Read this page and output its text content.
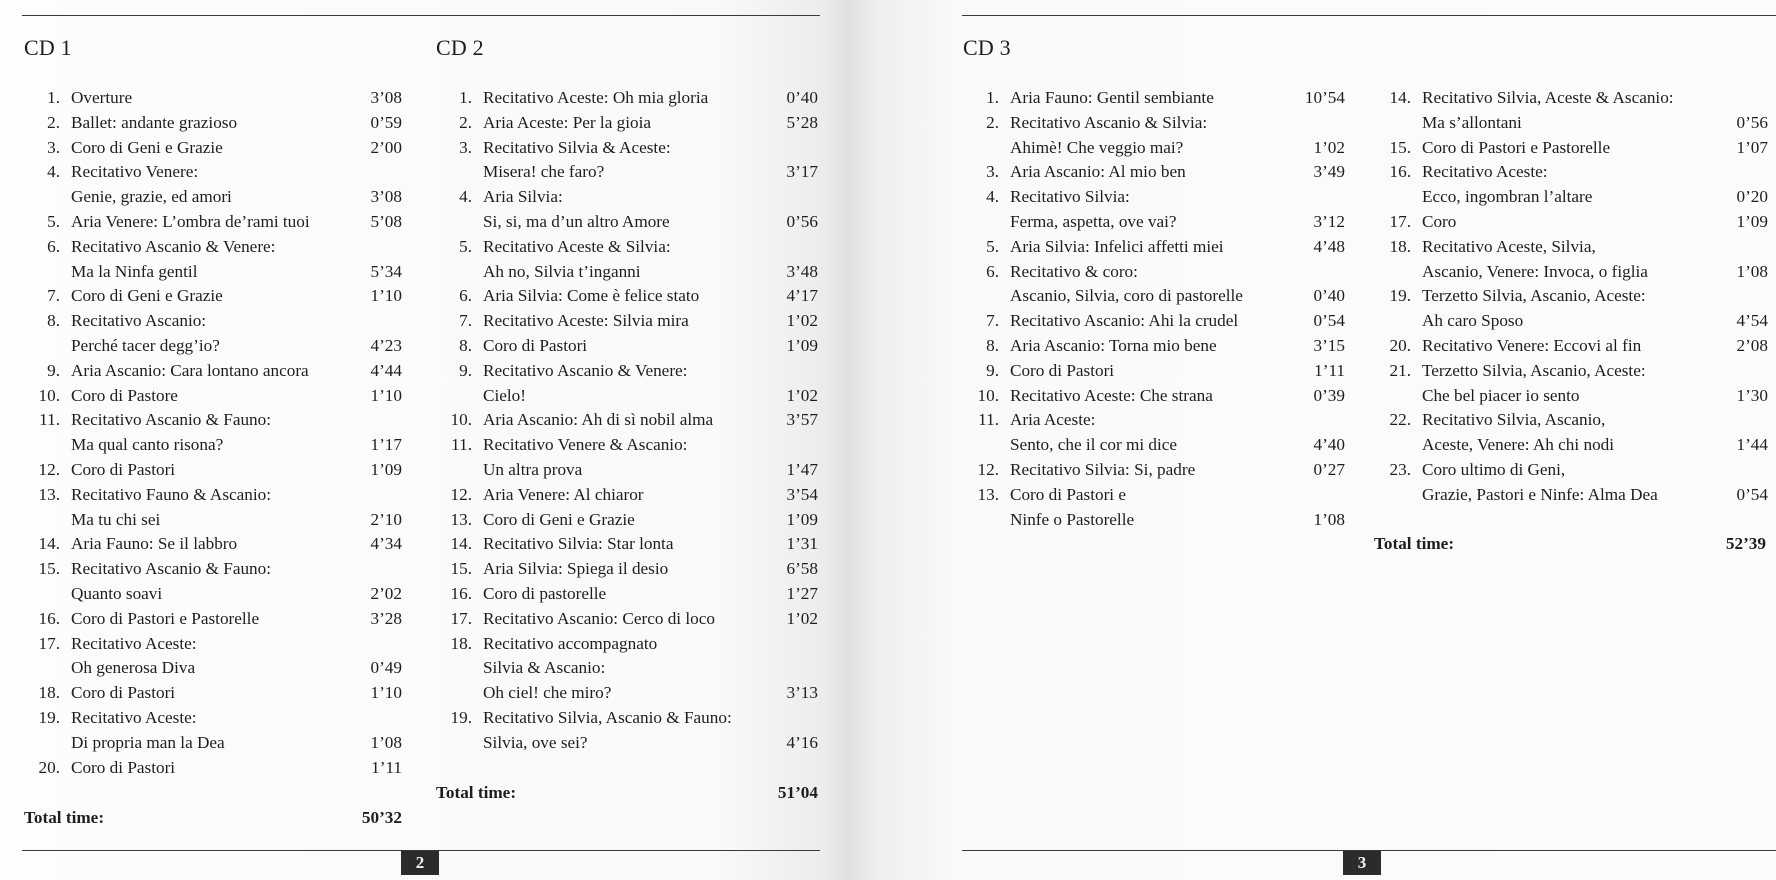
CD 1
1. Overture	3’08
2. Ballet: andante grazioso	0’59
3. Coro di Geni e Grazie	2’00
4. Recitativo Venere:
Genie, grazie, ed amori	3’08
5. Aria Venere: L’ombra de’rami tuoi	5’08
6. Recitativo Ascanio & Venere:
Ma la Ninfa gentil	5’34
7. Coro di Geni e Grazie	1’10
8. Recitativo Ascanio:
Perché tacer degg’io?	4’23
9. Aria Ascanio: Cara lontano ancora	4’44
10. Coro di Pastore	1’10
11. Recitativo Ascanio & Fauno:
Ma qual canto risona?	1’17
12. Coro di Pastori	1’09
13. Recitativo Fauno & Ascanio:
Ma tu chi sei	2’10
14. Aria Fauno: Se il labbro	4’34
15. Recitativo Ascanio & Fauno:
Quanto soavi	2’02
16. Coro di Pastori e Pastorelle	3’28
17. Recitativo Aceste:
Oh generosa Diva	0’49
18. Coro di Pastori	1’10
19. Recitativo Aceste:
Di propria man la Dea	1’08
20. Coro di Pastori	1’11
Total time:	50’32
CD 2
1. Recitativo Aceste: Oh mia gloria	0’40
2. Aria Aceste: Per la gioia	5’28
3. Recitativo Silvia & Aceste:
Misera! che faro?	3’17
4. Aria Silvia:
Si, si, ma d’un altro Amore	0’56
5. Recitativo Aceste & Silvia:
Ah no, Silvia t’inganni	3’48
6. Aria Silvia: Come è felice stato	4’17
7. Recitativo Aceste: Silvia mira	1’02
8. Coro di Pastori	1’09
9. Recitativo Ascanio & Venere:
Cielo!	1’02
10. Aria Ascanio: Ah di sì nobil alma	3’57
11. Recitativo Venere & Ascanio:
Un altra prova	1’47
12. Aria Venere: Al chiaror	3’54
13. Coro di Geni e Grazie	1’09
14. Recitativo Silvia: Star lonta	1’31
15. Aria Silvia: Spiega il desio	6’58
16. Coro di pastorelle	1’27
17. Recitativo Ascanio: Cerco di loco	1’02
18. Recitativo accompagnato
Silvia & Ascanio:
Oh ciel! che miro?	3’13
19. Recitativo Silvia, Ascanio & Fauno:
Silvia, ove sei?	4’16
Total time:	51’04
2
CD 3
1. Aria Fauno: Gentil sembiante	10’54
2. Recitativo Ascanio & Silvia:
Ahimè! Che veggio mai?	1’02
3. Aria Ascanio: Al mio ben	3’49
4. Recitativo Silvia:
Ferma, aspetta, ove vai?	3’12
5. Aria Silvia: Infelici affetti miei	4’48
6. Recitativo & coro:
Ascanio, Silvia, coro di pastorelle	0’40
7. Recitativo Ascanio: Ahi la crudel	0’54
8. Aria Ascanio: Torna mio bene	3’15
9. Coro di Pastori	1’11
10. Recitativo Aceste: Che strana	0’39
11. Aria Aceste:
Sento, che il cor mi dice	4’40
12. Recitativo Silvia: Si, padre	0’27
13. Coro di Pastori e
Ninfe o Pastorelle	1’08
14. Recitativo Silvia, Aceste & Ascanio:
Ma s’allontani	0’56
15. Coro di Pastori e Pastorelle	1’07
16. Recitativo Aceste:
Ecco, ingombran l’altare	0’20
17. Coro	1’09
18. Recitativo Aceste, Silvia,
Ascanio, Venere: Invoca, o figlia	1’08
19. Terzetto Silvia, Ascanio, Aceste:
Ah caro Sposo	4’54
20. Recitativo Venere: Eccovi al fin	2’08
21. Terzetto Silvia, Ascanio, Aceste:
Che bel piacer io sento	1’30
22. Recitativo Silvia, Ascanio,
Aceste, Venere: Ah chi nodi	1’44
23. Coro ultimo di Geni,
Grazie, Pastori e Ninfe: Alma Dea	0’54
Total time:	52’39
3
